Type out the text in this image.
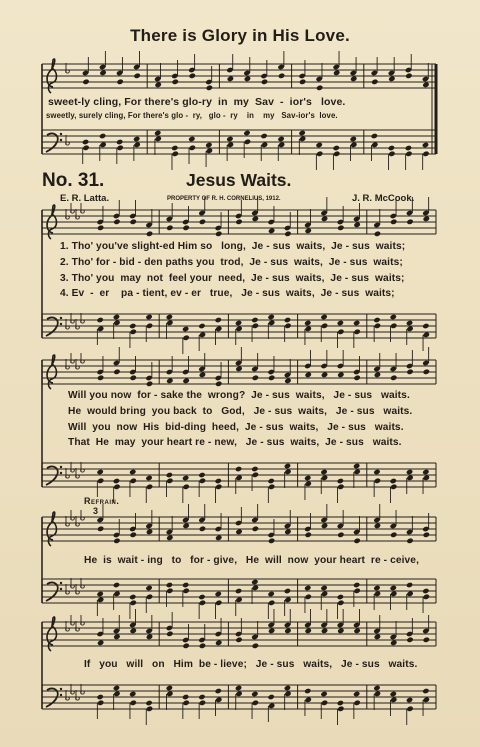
There is Glory in His Love.
sweet-ly cling, For there's glo-ry  in  my  Sav  -  ior's   love.
sweetly, surely cling, For there's glo -  ry,   glo -  ry    in    my   Sav-ior's  love.
No. 31.	Jesus Waits.
E. R. Latta.	PROPERTY OF R. H. CORNELIUS, 1912.	J. R. McCook.
1. Tho' you've slight-ed Him so   long,  Je - sus  waits,  Je - sus  waits;
2. Tho' for - bid - den paths you  trod,  Je - sus  waits,  Je - sus  waits;
3. Tho' you  may  not  feel your  need,  Je - sus  waits,  Je - sus  waits;
4. Ev  -  er    pa - tient, ev - er   true,   Je - sus  waits,  Je - sus  waits;
Will you now  for - sake the  wrong?  Je - sus  waits,   Je - sus   waits.
He  would bring  you back  to   God,   Je - sus  waits,   Je - sus   waits.
Will  you  now  His  bid-ding  heed,  Je - sus  waits,   Je - sus   waits.
That  He  may  your heart re - new,   Je - sus  waits,  Je - sus   waits.
Refrain.
3
He  is  wait - ing   to   for - give,   He  will  now  your heart  re - ceive,
If   you   will   on   Him  be - lieve;   Je - sus   waits,   Je - sus   waits.
